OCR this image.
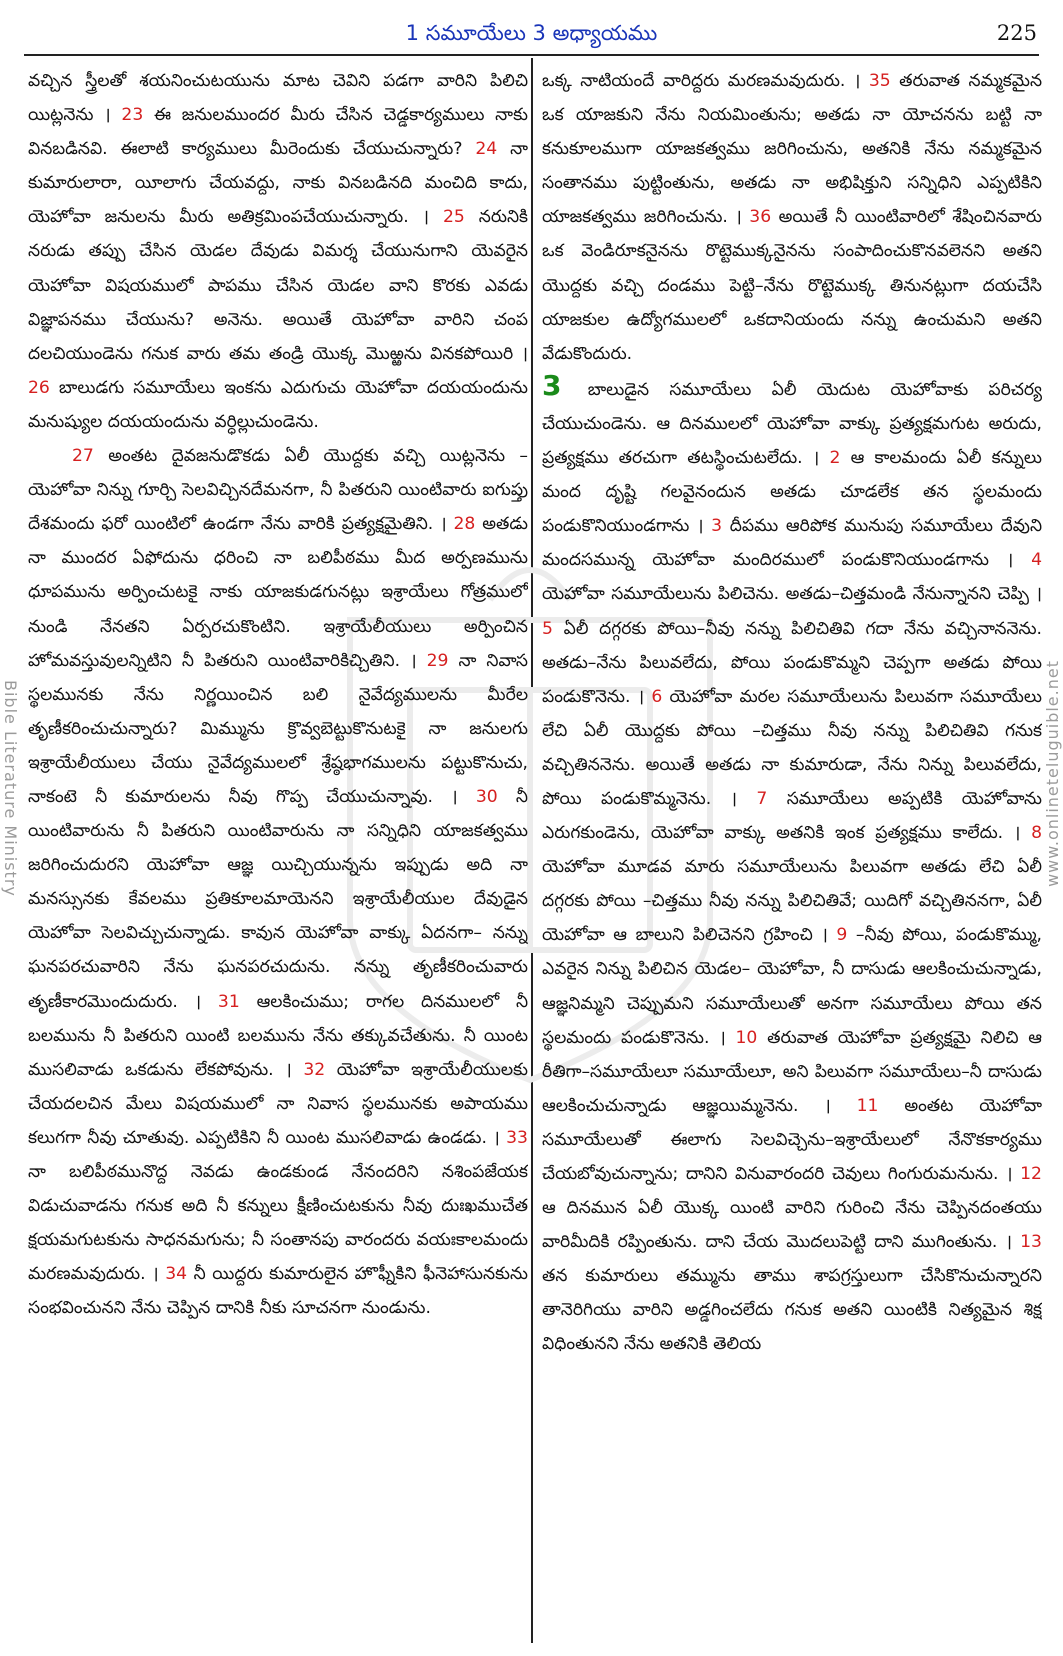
1 సమూయేలు 3 అధ్యాయము	225
Bible Literature Ministry	www.onlineteluguible.net

వచ్చిన స్త్రీలతో శయనించుటయును మాట చెవిని పడగా వారిని పిలిచి యిట్లనెను । 23 ఈ జనులముందర మీరు చేసిన చెడ్డకార్యములు నాకు వినబడినవి. ఈలాటి కార్యములు మీరెందుకు చేయుచున్నారు? 24 నా కుమారులారా, యీలాగు చేయవద్దు, నాకు వినబడినది మంచిది కాదు, యెహోవా జనులను మీరు అతిక్రమింపచేయుచున్నారు. । 25 నరునికి నరుడు తప్పు చేసిన యెడల దేవుడు విమర్శ చేయునుగాని యెవరైన యెహోవా విషయములో పాపము చేసిన యెడల వాని కొరకు ఎవడు విజ్ఞాపనము చేయును? అనెను. అయితే యెహోవా వారిని చంప దలచియుండెను గనుక వారు తమ తండ్రి యొక్క మొఱ్ఱను వినకపోయిరి । 26 బాలుడగు సమూయేలు ఇంకను ఎదుగుచు యెహోవా దయయందును మనుష్యుల దయయందును వర్ధిల్లుచుండెను.

27 అంతట దైవజనుడొకడు ఏలీ యొద్దకు వచ్చి యిట్లనెను –యెహోవా నిన్ను గూర్చి సెలవిచ్చినదేమనగా, నీ పితరుని యింటివారు ఐగుప్తు దేశమందు ఫరో యింటిలో ఉండగా నేను వారికి ప్రత్యక్షమైతిని. । 28 అతడు నా ముందర ఏఫోదును ధరించి నా బలిపీఠము మీద అర్పణమును ధూపమును అర్పించుటకై నాకు యాజకుడగునట్లు ఇశ్రాయేలు గోత్రములో నుండి నేనతని ఏర్పరచుకొంటిని. ఇశ్రాయేలీయులు అర్పించిన హోమవస్తువులన్నిటిని నీ పితరుని యింటివారికిచ్చితిని. । 29 నా నివాస స్థలమునకు నేను నిర్ణయించిన బలి నైవేద్యములను మీరేల తృణీకరించుచున్నారు? మిమ్మును క్రొవ్వబెట్టుకొనుటకై నా జనులగు ఇశ్రాయేలీయులు చేయు నైవేద్యములలో శ్రేష్ఠభాగములను పట్టుకొనుచు, నాకంటె నీ కుమారులను నీవు గొప్ప చేయుచున్నావు. । 30 నీ యింటివారును నీ పితరుని యింటివారును నా సన్నిధిని యాజకత్వము జరిగించుదురని యెహోవా ఆజ్ఞ యిచ్చియున్నను ఇప్పుడు అది నా మనస్సునకు కేవలము ప్రతికూలమాయెనని ఇశ్రాయేలీయుల దేవుడైన యెహోవా సెలవిచ్చుచున్నాడు. కావున యెహోవా వాక్కు ఏదనగా– నన్ను ఘనపరచువారిని నేను ఘనపరచుదును. నన్ను తృణీకరించువారు తృణీకారమొందుదురు. । 31 ఆలకించుము; రాగల దినములలో నీ బలమును నీ పితరుని యింటి బలమును నేను తక్కువచేతును. నీ యింట ముసలివాడు ఒకడును లేకపోవును. । 32 యెహోవా ఇశ్రాయేలీయులకు చేయదలచిన మేలు విషయములో నా నివాస స్థలమునకు అపాయము కలుగగా నీవు చూతువు. ఎప్పటికిని నీ యింట ముసలివాడు ఉండడు. । 33 నా బలిపీఠమునొద్ద నెవడు ఉండకుండ నేనందరిని నశింపజేయక విడుచువాడను గనుక అది నీ కన్నులు క్షీణించుటకును నీవు దుఃఖముచేత క్షయమగుటకును సాధనమగును; నీ సంతానపు వారందరు వయఃకాలమందు మరణమవుదురు. । 34 నీ యిద్దరు కుమారులైన హొఫ్నీకిని ఫీనెహాసునకును సంభవించునని నేను చెప్పిన దానికి నీకు సూచనగా నుండును.

ఒక్క నాటియందే వారిద్దరు మరణమవుదురు. । 35 తరువాత నమ్మకమైన ఒక యాజకుని నేను నియమింతును; అతడు నా యోచనను బట్టి నా కనుకూలముగా యాజకత్వము జరిగించును, అతనికి నేను నమ్మకమైన సంతానము పుట్టింతును, అతడు నా అభిషిక్తుని సన్నిధిని ఎప్పటికిని యాజకత్వము జరిగించును. । 36 అయితే నీ యింటివారిలో శేషించినవారు ఒక వెండిరూకనైనను రొట్టెముక్కనైనను సంపాదించుకొనవలెనని అతని యొద్దకు వచ్చి దండము పెట్టి–నేను రొట్టెముక్క తినునట్లుగా దయచేసి యాజకుల ఉద్యోగములలో ఒకదానియందు నన్ను ఉంచుమని అతని వేడుకొందురు.

3 బాలుడైన సమూయేలు ఏలీ యెదుట యెహోవాకు పరిచర్య చేయుచుండెను. ఆ దినములలో యెహోవా వాక్కు ప్రత్యక్షమగుట అరుదు, ప్రత్యక్షము తరచుగా తటస్థించుటలేదు. । 2 ఆ కాలమందు ఏలీ కన్నులు మంద దృష్టి గలవైనందున అతడు చూడలేక తన స్థలమందు పండుకొనియుండగాను । 3 దీపము ఆరిపోక మునుపు సమూయేలు దేవుని మందసమున్న యెహోవా మందిరములో పండుకొనియుండగాను । 4 యెహోవా సమూయేలును పిలిచెను. అతడు–చిత్తమండి నేనున్నానని చెప్పి । 5 ఏలీ దగ్గరకు పోయి–నీవు నన్ను పిలిచితివి గదా నేను వచ్చినాననెను. అతడు–నేను పిలువలేదు, పోయి పండుకొమ్మని చెప్పగా అతడు పోయి పండుకొనెను. । 6 యెహోవా మరల సమూయేలును పిలువగా సమూయేలు లేచి ఏలీ యొద్దకు పోయి –చిత్తము నీవు నన్ను పిలిచితివి గనుక వచ్చితిననెను. అయితే అతడు నా కుమారుడా, నేను నిన్ను పిలువలేదు, పోయి పండుకొమ్మనెను. । 7 సమూయేలు అప్పటికి యెహోవాను ఎరుగకుండెను, యెహోవా వాక్కు అతనికి ఇంక ప్రత్యక్షము కాలేదు. । 8 యెహోవా మూడవ మారు సమూయేలును పిలువగా అతడు లేచి ఏలీ దగ్గరకు పోయి –చిత్తము నీవు నన్ను పిలిచితివే; యిదిగో వచ్చితిననగా, ఏలీ యెహోవా ఆ బాలుని పిలిచెనని గ్రహించి । 9 –నీవు పోయి, పండుకొమ్ము, ఎవరైన నిన్ను పిలిచిన యెడల– యెహోవా, నీ దాసుడు ఆలకించుచున్నాడు, ఆజ్ఞనిమ్మని చెప్పుమని సమూయేలుతో అనగా సమూయేలు పోయి తన స్థలమందు పండుకొనెను. । 10 తరువాత యెహోవా ప్రత్యక్షమై నిలిచి ఆ రీతిగా–సమూయేలూ సమూయేలూ, అని పిలువగా సమూయేలు–నీ దాసుడు ఆలకించుచున్నాడు ఆజ్ఞయిమ్మనెను. । 11 అంతట యెహోవా సమూయేలుతో ఈలాగు సెలవిచ్చెను–ఇశ్రాయేలులో నేనొకకార్యము చేయబోవుచున్నాను; దానిని వినువారందరి చెవులు గింగురుమనును. । 12 ఆ దినమున ఏలీ యొక్క యింటి వారిని గురించి నేను చెప్పినదంతయు వారిమీదికి రప్పింతును. దాని చేయ మొదలుపెట్టి దాని ముగింతును. । 13 తన కుమారులు తమ్మును తాము శాపగ్రస్తులుగా చేసికొనుచున్నారని తానెరిగియు వారిని అడ్డగించలేదు గనుక అతని యింటికి నిత్యమైన శిక్ష విధింతునని నేను అతనికి తెలియ
